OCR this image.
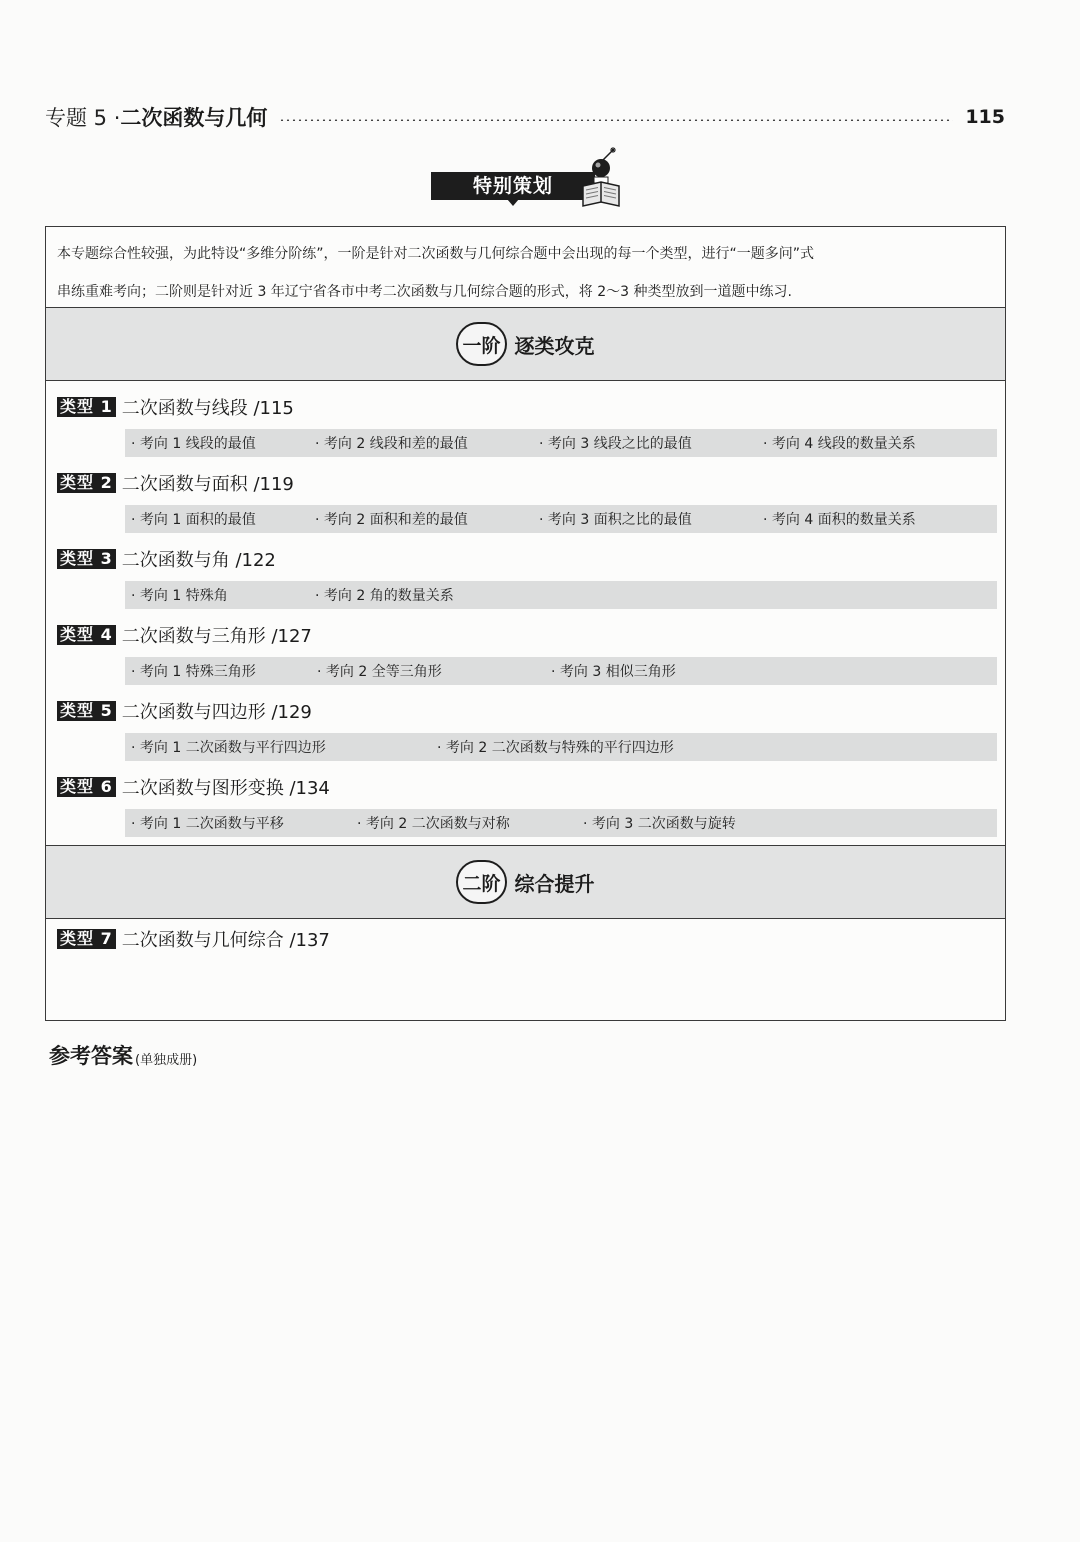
专题 5 · 二次函数与几何	115
特别策划
本专题综合性较强，为此特设“多维分阶练”，一阶是针对二次函数与几何综合题中会出现的每一个类型，进行“一题多问”式
串练重难考向；二阶则是针对近 3 年辽宁省各市中考二次函数与几何综合题的形式，将 2～3 种类型放到一道题中练习.
一阶 逐类攻克
类型 1 二次函数与线段 /115
· 考向 1 线段的最值	· 考向 2 线段和差的最值	· 考向 3 线段之比的最值	· 考向 4 线段的数量关系
类型 2 二次函数与面积 /119
· 考向 1 面积的最值	· 考向 2 面积和差的最值	· 考向 3 面积之比的最值	· 考向 4 面积的数量关系
类型 3 二次函数与角 /122
· 考向 1 特殊角	· 考向 2 角的数量关系
类型 4 二次函数与三角形 /127
· 考向 1 特殊三角形	· 考向 2 全等三角形	· 考向 3 相似三角形
类型 5 二次函数与四边形 /129
· 考向 1 二次函数与平行四边形	· 考向 2 二次函数与特殊的平行四边形
类型 6 二次函数与图形变换 /134
· 考向 1 二次函数与平移	· 考向 2 二次函数与对称	· 考向 3 二次函数与旋转
二阶 综合提升
类型 7 二次函数与几何综合 /137
参考答案 (单独成册)
